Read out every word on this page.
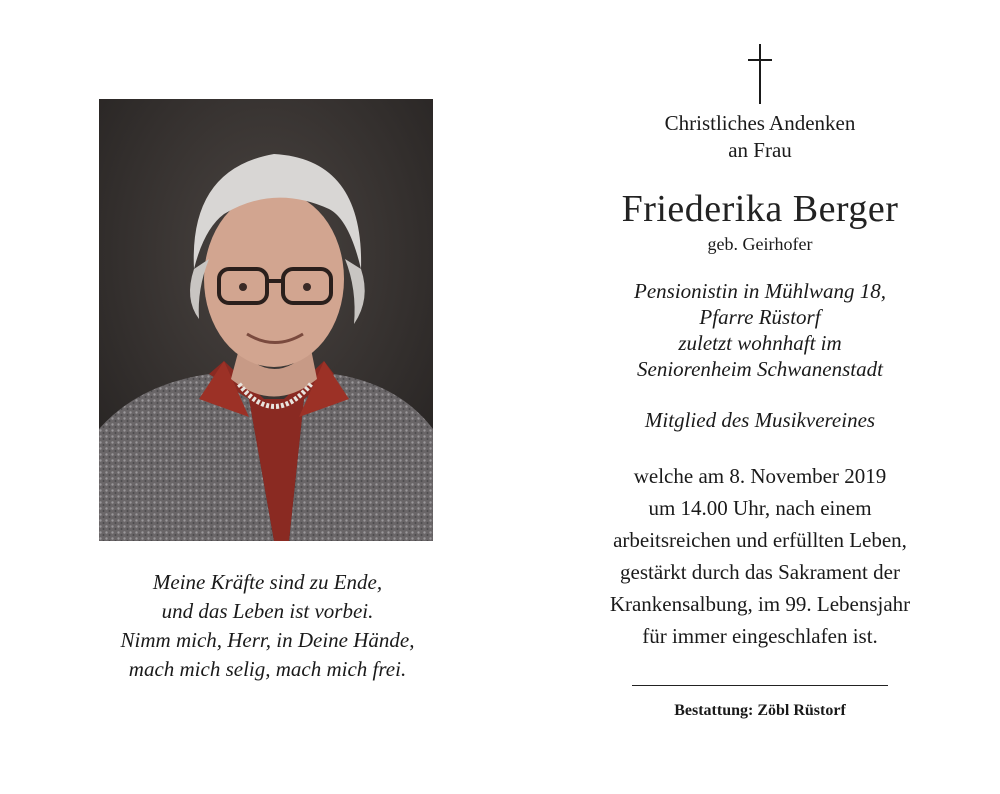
Meine Kräfte sind zu Ende,
und das Leben ist vorbei.
Nimm mich, Herr, in Deine Hände,
mach mich selig, mach mich frei.
Christliches Andenken
an Frau
Friederika Berger
geb. Geirhofer
Pensionistin in Mühlwang 18,
Pfarre Rüstorf
zuletzt wohnhaft im
Seniorenheim Schwanenstadt
Mitglied des Musikvereines
welche am 8. November 2019
um 14.00 Uhr, nach einem
arbeitsreichen und erfüllten Leben,
gestärkt durch das Sakrament der
Krankensalbung, im 99. Lebensjahr
für immer eingeschlafen ist.
Bestattung: Zöbl Rüstorf
